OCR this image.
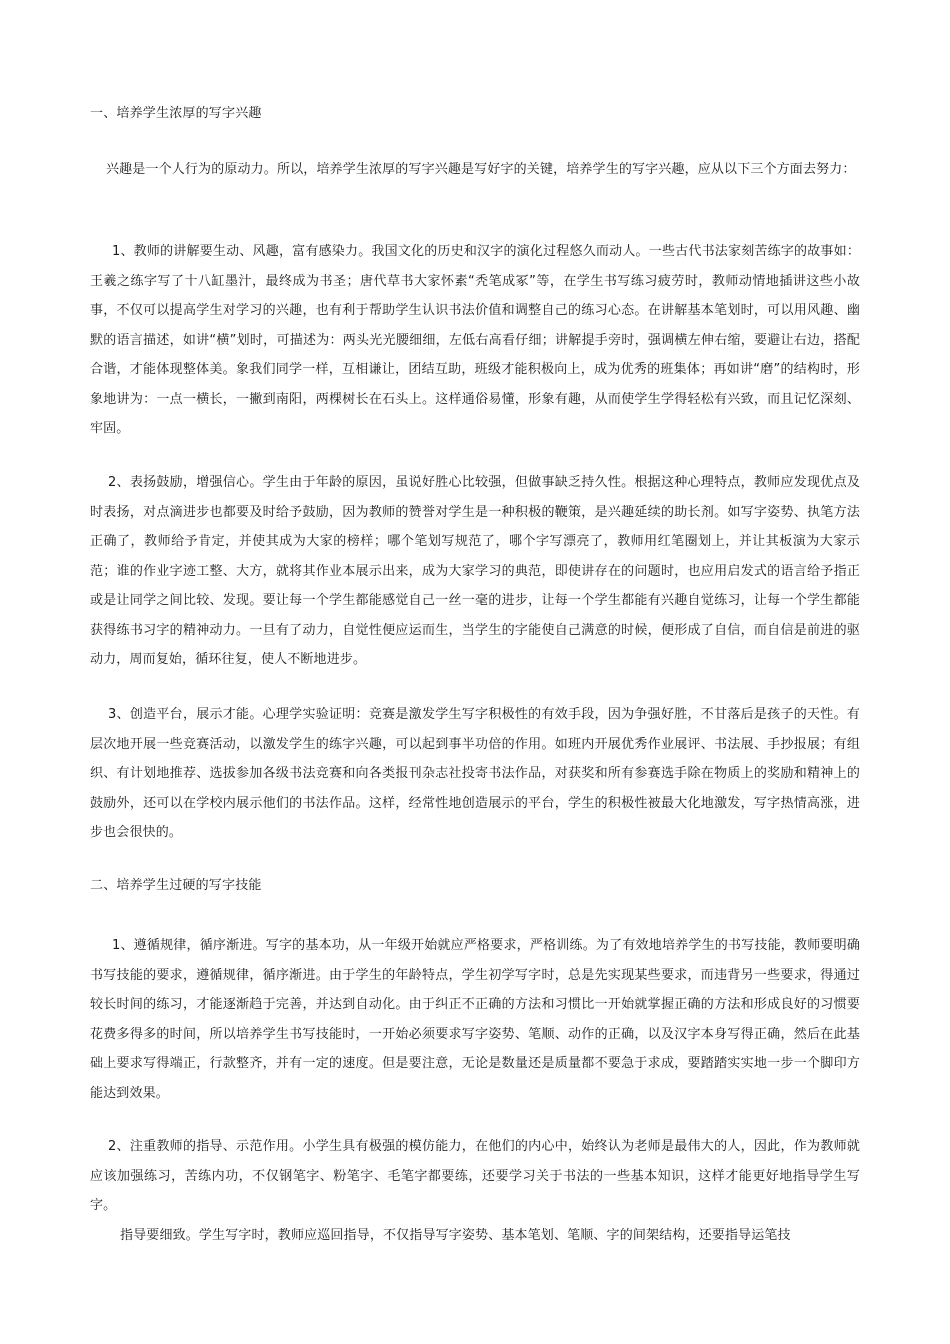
一、培养学生浓厚的写字兴趣
兴趣是一个人行为的原动力。所以，培养学生浓厚的写字兴趣是写好字的关键，培养学生的写字兴趣，应从以下三个方面去努力：
1、教师的讲解要生动、风趣，富有感染力。我国文化的历史和汉字的演化过程悠久而动人。一些古代书法家刻苦练字的故事如：王羲之练字写了十八缸墨汁，最终成为书圣；唐代草书大家怀素“秃笔成冢”等，在学生书写练习疲劳时，教师动情地插讲这些小故事，不仅可以提高学生对学习的兴趣，也有利于帮助学生认识书法价值和调整自己的练习心态。在讲解基本笔划时，可以用风趣、幽默的语言描述，如讲“横”划时，可描述为：两头光光腰细细，左低右高看仔细；讲解提手旁时，强调横左伸右缩，要避让右边，搭配合谐，才能体现整体美。象我们同学一样，互相谦让，团结互助，班级才能积极向上，成为优秀的班集体；再如讲“磨”的结构时，形象地讲为：一点一横长，一撇到南阳，两棵树长在石头上。这样通俗易懂，形象有趣，从而使学生学得轻松有兴致，而且记忆深刻、牢固。
2、表扬鼓励，增强信心。学生由于年龄的原因，虽说好胜心比较强，但做事缺乏持久性。根据这种心理特点，教师应发现优点及时表扬，对点滴进步也都要及时给予鼓励，因为教师的赞誉对学生是一种积极的鞭策，是兴趣延续的助长剂。如写字姿势、执笔方法正确了，教师给予肯定，并使其成为大家的榜样；哪个笔划写规范了，哪个字写漂亮了，教师用红笔圈划上，并让其板演为大家示范；谁的作业字迹工整、大方，就将其作业本展示出来，成为大家学习的典范，即使讲存在的问题时，也应用启发式的语言给予指正或是让同学之间比较、发现。要让每一个学生都能感觉自己一丝一毫的进步，让每一个学生都能有兴趣自觉练习，让每一个学生都能获得练书习字的精神动力。一旦有了动力，自觉性便应运而生，当学生的字能使自己满意的时候，便形成了自信，而自信是前进的驱动力，周而复始，循环往复，使人不断地进步。
3、创造平台，展示才能。心理学实验证明：竞赛是激发学生写字积极性的有效手段，因为争强好胜，不甘落后是孩子的天性。有层次地开展一些竞赛活动，以激发学生的练字兴趣，可以起到事半功倍的作用。如班内开展优秀作业展评、书法展、手抄报展；有组织、有计划地推荐、选拔参加各级书法竞赛和向各类报刊杂志社投寄书法作品，对获奖和所有参赛选手除在物质上的奖励和精神上的鼓励外，还可以在学校内展示他们的书法作品。这样，经常性地创造展示的平台，学生的积极性被最大化地激发，写字热情高涨，进步也会很快的。
二、培养学生过硬的写字技能
1、遵循规律，循序渐进。写字的基本功，从一年级开始就应严格要求，严格训练。为了有效地培养学生的书写技能，教师要明确书写技能的要求，遵循规律，循序渐进。由于学生的年龄特点，学生初学写字时，总是先实现某些要求，而违背另一些要求，得通过较长时间的练习，才能逐渐趋于完善，并达到自动化。由于纠正不正确的方法和习惯比一开始就掌握正确的方法和形成良好的习惯要花费多得多的时间，所以培养学生书写技能时，一开始必须要求写字姿势、笔顺、动作的正确，以及汉字本身写得正确，然后在此基础上要求写得端正，行款整齐，并有一定的速度。但是要注意，无论是数量还是质量都不要急于求成，要踏踏实实地一步一个脚印方能达到效果。
2、注重教师的指导、示范作用。小学生具有极强的模仿能力，在他们的内心中，始终认为老师是最伟大的人，因此，作为教师就应该加强练习，苦练内功，不仅钢笔字、粉笔字、毛笔字都要练，还要学习关于书法的一些基本知识，这样才能更好地指导学生写字。
指导要细致。学生写字时，教师应巡回指导，不仅指导写字姿势、基本笔划、笔顺、字的间架结构，还要指导运笔技
